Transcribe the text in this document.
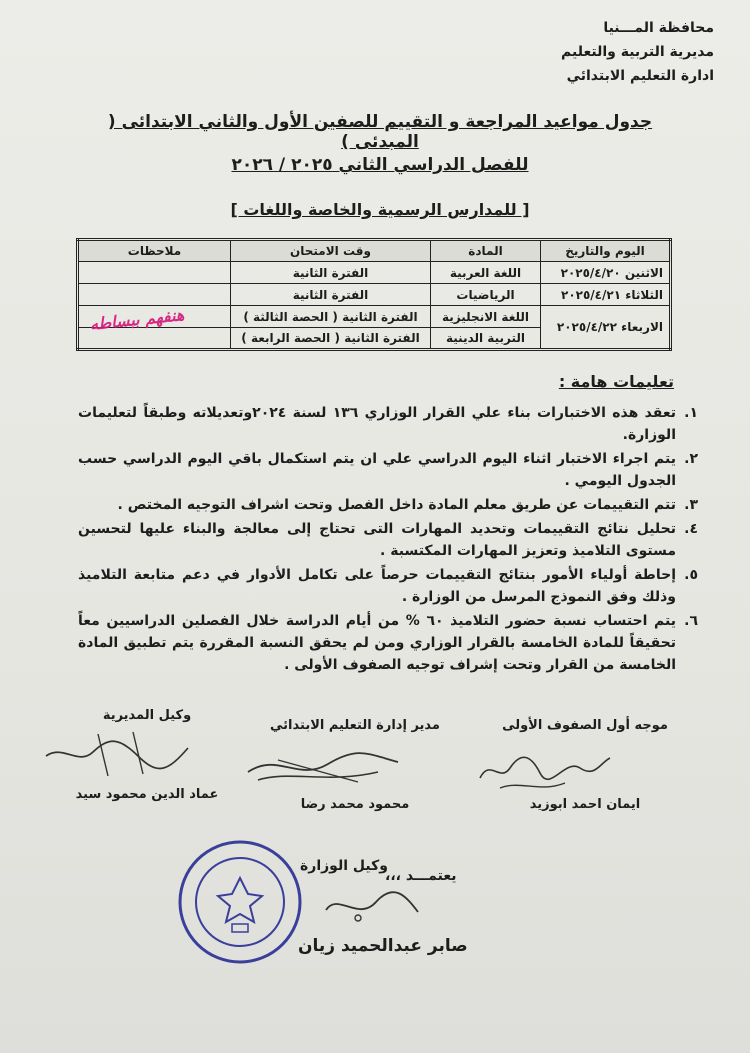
محافظة المـــنيا
مديرية التربية والتعليم
ادارة التعليم الابتدائي
جدول مواعيد المراجعة و التقييم للصفين الأول والثاني الابتدائى ( المبدئى )
للفصل الدراسي الثاني ٢٠٢٥ / ٢٠٢٦
[ للمدارس الرسمية والخاصة واللغات ]
اليوم والتاريخ	المادة	وقت الامتحان	ملاحظات
الاثنين ٢٠٢٥/٤/٢٠	اللغة العربية	الفترة الثانية	
الثلاثاء ٢٠٢٥/٤/٢١	الرياضيات	الفترة الثانية	
الاربعاء ٢٠٢٥/٤/٢٢	اللغة الانجليزية	الفترة الثانية ( الحصة الثالثة )	
	التربية الدينية	الفترة الثانية ( الحصة الرابعة )	
هنفهم ببساطه
تعليمات هامة :
١.
تعقد هذه الاختبارات بناء علي القرار الوزاري ١٣٦ لسنة ٢٠٢٤وتعديلاته وطبقاً لتعليمات الوزارة.
٢.
يتم اجراء الاختبار اثناء اليوم الدراسي علي ان يتم استكمال باقي اليوم الدراسي حسب الجدول اليومي .
٣.
تتم التقييمات عن طريق معلم المادة داخل الفصل وتحت اشراف التوجيه المختص .
٤.
تحليل نتائج التقييمات وتحديد المهارات التى تحتاج إلى معالجة والبناء عليها لتحسين مستوى التلاميذ وتعزيز المهارات المكتسبة .
٥.
إحاطة أولياء الأمور بنتائج التقييمات حرصاً على تكامل الأدوار في دعم متابعة التلاميذ وذلك وفق النموذج المرسل من الوزارة .
٦.
يتم احتساب نسبة حضور التلاميذ ٦٠ % من أيام الدراسة خلال الفصلين الدراسيين معاً تحقيقاً للمادة الخامسة بالقرار الوزاري ومن لم يحقق النسبة المقررة يتم تطبيق المادة الخامسة من القرار وتحت إشراف توجيه الصفوف الأولى .
موجه أول الصفوف الأولى
ايمان احمد ابوزيد
مدير إدارة التعليم الابتدائي
محمود محمد رضا
وكيل المديرية
عماد الدين محمود سيد
يعتمـــد ،،،
وكيل الوزارة
صابر عبدالحميد زيان
